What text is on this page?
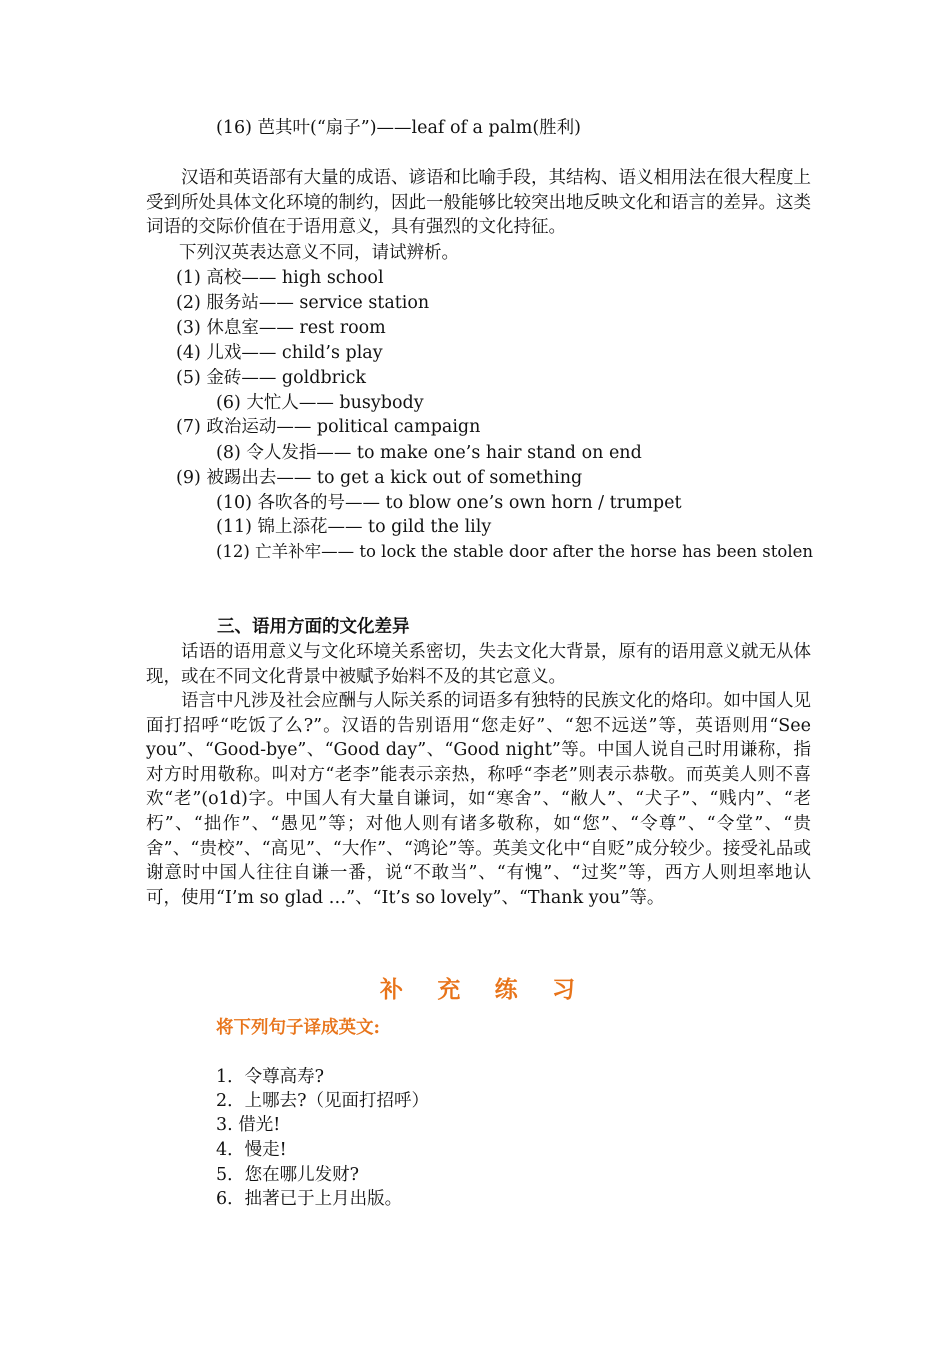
(16) 芭其叶(“扇子”)——leaf of a palm(胜利)

汉语和英语部有大量的成语、谚语和比喻手段，其结构、语义相用法在很大程度上受到所处具体文化环境的制约，因此一般能够比较突出地反映文化和语言的差异。这类词语的交际价值在于语用意义，具有强烈的文化持征。

下列汉英表达意义不同，请试辨析。
(1) 高校—— high school
(2) 服务站—— service station
(3) 休息室—— rest room
(4) 儿戏—— child’s play
(5) 金砖—— goldbrick
(6) 大忙人—— busybody
(7) 政治运动—— political campaign
(8) 令人发指—— to make one’s hair stand on end
(9) 被踢出去—— to get a kick out of something
(10) 各吹各的号—— to blow one’s own horn / trumpet
(11) 锦上添花—— to gild the lily
(12) 亡羊补牢—— to lock the stable door after the horse has been stolen
三、语用方面的文化差异

话语的语用意义与文化环境关系密切，失去文化大背景，原有的语用意义就无从体现，或在不同文化背景中被赋予始料不及的其它意义。

语言中凡涉及社会应酬与人际关系的词语多有独特的民族文化的烙印。如中国人见面打招呼“吃饭了么?”。汉语的告别语用“您走好”、“恕不远送”等，英语则用“See you”、“Good-bye”、“Good day”、“Good night”等。中国人说自己时用谦称，指对方时用敬称。叫对方“老李”能表示亲热，称呼“李老”则表示恭敬。而英美人则不喜欢“老”(o1d)字。中国人有大量自谦词，如“寒舍”、“敝人”、“犬子”、“贱内”、“老朽”、“拙作”、“愚见”等；对他人则有诸多敬称，如“您”、“令尊”、“令堂”、“贵舍”、“贵校”、“高见”、“大作”、“鸿论”等。英美文化中“自贬”成分较少。接受礼品或谢意时中国人往往自谦一番，说“不敢当”、“有愧”、“过奖”等，西方人则坦率地认可，使用“I’m so glad …”、“It’s so lovely”、“Thank you”等。

补 充 练 习
将下列句子译成英文:
1．令尊高寿?
2．上哪去?（见面打招呼）
3. 借光!
4．慢走!
5．您在哪儿发财?
6．拙著已于上月出版。
